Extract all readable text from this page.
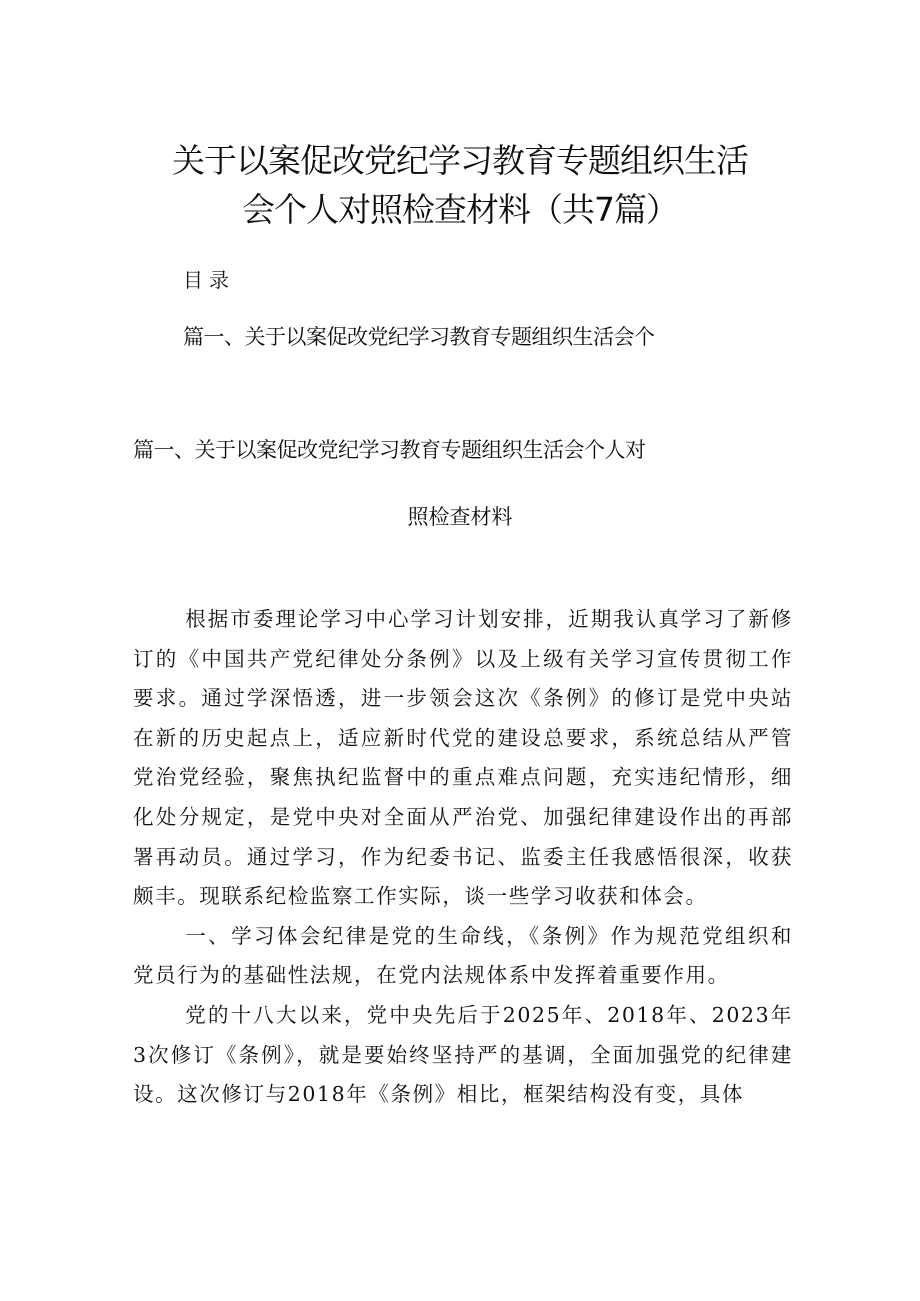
关于以案促改党纪学习教育专题组织生活
会个人对照检查材料（共7篇）
目录
篇一、关于以案促改党纪学习教育专题组织生活会个
篇一、关于以案促改党纪学习教育专题组织生活会个人对
照检查材料

根据市委理论学习中心学习计划安排，近期我认真学习了新修订的《中国共产党纪律处分条例》以及上级有关学习宣传贯彻工作要求。通过学深悟透，进一步领会这次《条例》的修订是党中央站在新的历史起点上，适应新时代党的建设总要求，系统总结从严管党治党经验，聚焦执纪监督中的重点难点问题，充实违纪情形，细化处分规定，是党中央对全面从严治党、加强纪律建设作出的再部署再动员。通过学习，作为纪委书记、监委主任我感悟很深，收获颇丰。现联系纪检监察工作实际，谈一些学习收获和体会。

一、学习体会纪律是党的生命线，《条例》作为规范党组织和党员行为的基础性法规，在党内法规体系中发挥着重要作用。

党的十八大以来，党中央先后于2025年、2018年、2023年3次修订《条例》，就是要始终坚持严的基调，全面加强党的纪律建设。这次修订与2018年《条例》相比，框架结构没有变，具体
